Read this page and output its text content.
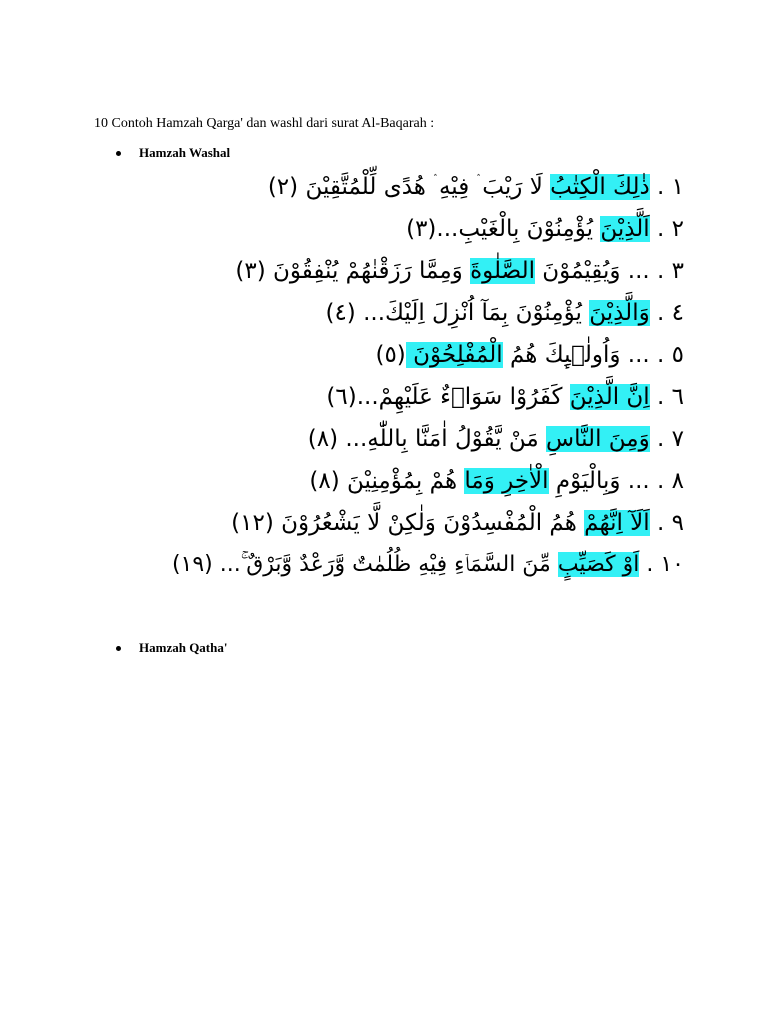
10 Contoh Hamzah Qarga' dan washl dari surat Al-Baqarah :
Hamzah Washal
١ . ذٰلِكَ الْكِتٰبُ لَا رَيْبَ ۛ فِيْهِ ۛ هُدًى لِّلْمُتَّقِيْنَ (٢)
٢ . اَلَّذِيْنَ يُؤْمِنُوْنَ بِالْغَيْبِ...(٣)
٣ . ... وَيُقِيْمُوْنَ الصَّلٰوةَ وَمِمَّا رَزَقْنٰهُمْ يُنْفِقُوْنَ (٣)
٤ . وَالَّذِيْنَ يُؤْمِنُوْنَ بِمَآ اُنْزِلَ اِلَيْكَ... (٤)
٥ . ... وَاُولٰۤىِٕكَ هُمُ الْمُفْلِحُوْنَ (٥)
٦ . اِنَّ الَّذِيْنَ كَفَرُوْا سَوَاۤءٌ عَلَيْهِمْ...(٦)
٧ . وَمِنَ النَّاسِ مَنْ يَّقُوْلُ اٰمَنَّا بِاللّٰهِ... (٨)
٨ . ... وَبِالْيَوْمِ الْاٰخِرِ وَمَا هُمْ بِمُؤْمِنِيْنَ (٨)
٩ . اَلَآ اِنَّهُمْ هُمُ الْمُفْسِدُوْنَ وَلٰكِنْ لَّا يَشْعُرُوْنَ (١٢)
١٠ . اَوْ كَصَيِّبٍ مِّنَ السَّمَاۤءِ فِيْهِ ظُلُمٰتٌ وَّرَعْدٌ وَّبَرْقٌ ۚ... (١٩)
Hamzah Qatha'
